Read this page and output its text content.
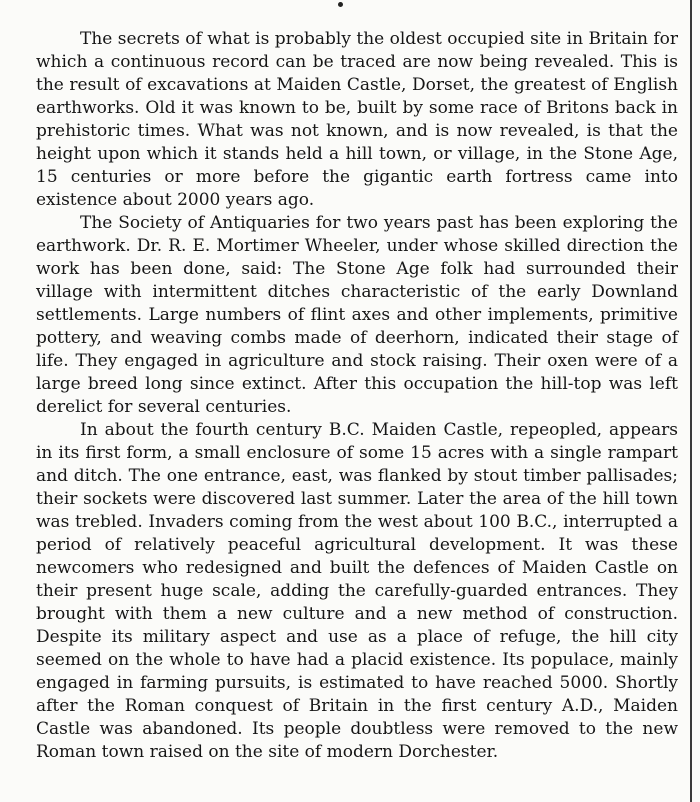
The secrets of what is probably the oldest occupied site in Britain for which a continuous record can be traced are now being revealed. This is the result of excavations at Maiden Castle, Dorset, the greatest of English earthworks. Old it was known to be, built by some race of Britons back in prehistoric times. What was not known, and is now revealed, is that the height upon which it stands held a hill town, or village, in the Stone Age, 15 centuries or more before the gigantic earth fortress came into existence about 2000 years ago.

The Society of Antiquaries for two years past has been exploring the earthwork. Dr. R. E. Mortimer Wheeler, under whose skilled direction the work has been done, said: The Stone Age folk had surrounded their village with intermittent ditches characteristic of the early Downland settlements. Large numbers of flint axes and other implements, primitive pottery, and weaving combs made of deerhorn, indicated their stage of life. They engaged in agriculture and stock raising. Their oxen were of a large breed long since extinct. After this occupation the hill-top was left derelict for several centuries.

In about the fourth century B.C. Maiden Castle, repeopled, appears in its first form, a small enclosure of some 15 acres with a single rampart and ditch. The one entrance, east, was flanked by stout timber pallisades; their sockets were discovered last summer. Later the area of the hill town was trebled. Invaders coming from the west about 100 B.C., interrupted a period of relatively peaceful agricultural development. It was these newcomers who redesigned and built the defences of Maiden Castle on their present huge scale, adding the carefully-guarded entrances. They brought with them a new culture and a new method of construction. Despite its military aspect and use as a place of refuge, the hill city seemed on the whole to have had a placid existence. Its populace, mainly engaged in farming pursuits, is estimated to have reached 5000. Shortly after the Roman conquest of Britain in the first century A.D., Maiden Castle was abandoned. Its people doubtless were removed to the new Roman town raised on the site of modern Dorchester.
